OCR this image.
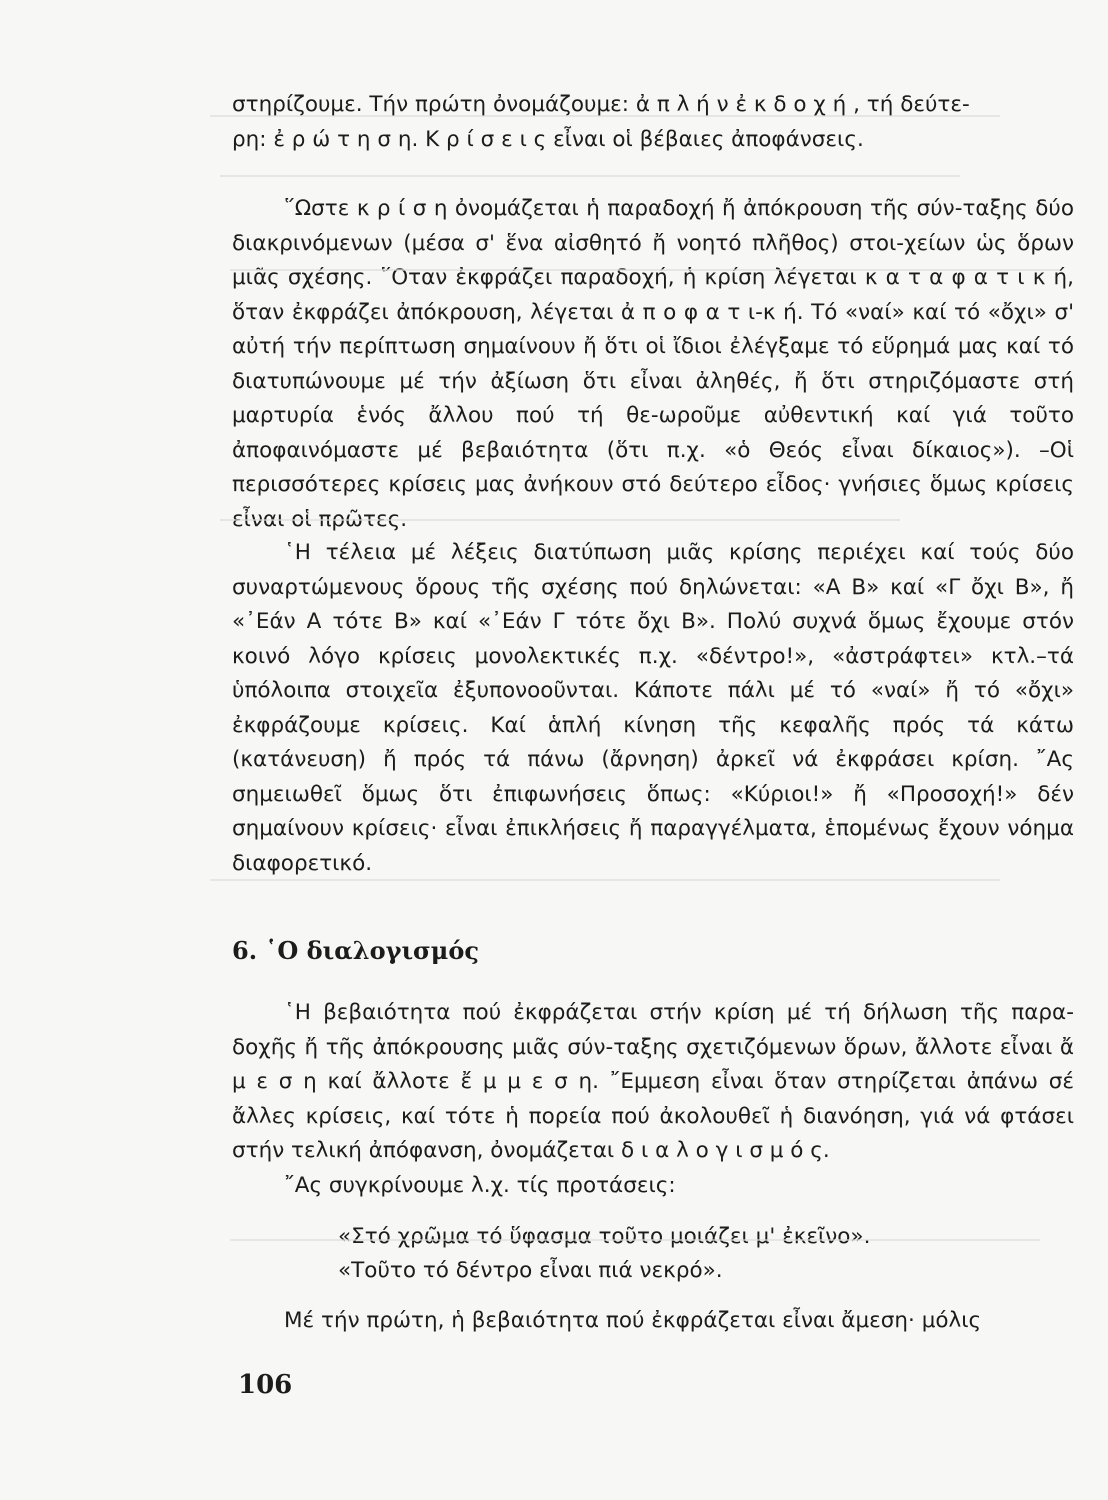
στηρίζουμε. Τήν πρώτη ὀνομάζουμε: ἀ π λ ή ν ἐ κ δ ο χ ή , τή δεύτε-
ρη: ἐ ρ ώ τ η σ η. Κ ρ ί σ ε ι ς εἶναι οἱ βέβαιες ἀποφάνσεις.

῞Ωστε κ ρ ί σ η ὀνομάζεται ἡ παραδοχή ἤ ἀπόκρουση τῆς σύν-ταξης δύο διακρινόμενων (μέσα σ' ἕνα αἰσθητό ἤ νοητό πλῆθος) στοι-χείων ὡς ὅρων μιᾶς σχέσης. ῞Οταν ἐκφράζει παραδοχή, ἡ κρίση λέγεται κ α τ α φ α τ ι κ ή, ὅταν ἐκφράζει ἀπόκρουση, λέγεται ἀ π ο φ α τ ι-κ ή. Τό «ναί» καί τό «ὄχι» σ' αὐτή τήν περίπτωση σημαίνουν ἤ ὅτι οἱ ἴδιοι ἐλέγξαμε τό εὕρημά μας καί τό διατυπώνουμε μέ τήν ἀξίωση ὅτι εἶναι ἀληθές, ἤ ὅτι στηριζόμαστε στή μαρτυρία ἑνός ἄλλου πού τή θε-ωροῦμε αὐθεντική καί γιά τοῦτο ἀποφαινόμαστε μέ βεβαιότητα (ὅτι π.χ. «ὁ Θεός εἶναι δίκαιος»). –Οἱ περισσότερες κρίσεις μας ἀνήκουν στό δεύτερο εἶδος· γνήσιες ὅμως κρίσεις εἶναι οἱ πρῶτες.

῾Η τέλεια μέ λέξεις διατύπωση μιᾶς κρίσης περιέχει καί τούς δύο συναρτώμενους ὅρους τῆς σχέσης πού δηλώνεται: «Α Β» καί «Γ ὄχι Β», ἤ «᾿Εάν Α τότε Β» καί «᾿Εάν Γ τότε ὄχι Β». Πολύ συχνά ὅμως ἔχουμε στόν κοινό λόγο κρίσεις μονολεκτικές π.χ. «δέντρο!», «ἀστράφτει» κτλ.–τά ὑπόλοιπα στοιχεῖα ἐξυπονοοῦνται. Κάποτε πάλι μέ τό «ναί» ἤ τό «ὄχι» ἐκφράζουμε κρίσεις. Καί ἁπλή κίνηση τῆς κεφαλῆς πρός τά κάτω (κατάνευση) ἤ πρός τά πάνω (ἄρνηση) ἀρκεῖ νά ἐκφράσει κρίση. ῎Ας σημειωθεῖ ὅμως ὅτι ἐπιφωνήσεις ὅπως: «Κύριοι!» ἤ «Προσοχή!» δέν σημαίνουν κρίσεις· εἶναι ἐπικλήσεις ἤ παραγγέλματα, ἑπομένως ἔχουν νόημα διαφορετικό.

6. ῾Ο διαλογισμός

῾Η βεβαιότητα πού ἐκφράζεται στήν κρίση μέ τή δήλωση τῆς παρα-δοχῆς ἤ τῆς ἀπόκρουσης μιᾶς σύν-ταξης σχετιζόμενων ὅρων, ἄλλοτε εἶναι ἄ μ ε σ η καί ἄλλοτε ἔ μ μ ε σ η. ῎Εμμεση εἶναι ὅταν στηρίζεται ἀπάνω σέ ἄλλες κρίσεις, καί τότε ἡ πορεία πού ἀκολουθεῖ ἡ διανόηση, γιά νά φτάσει στήν τελική ἀπόφανση, ὀνομάζεται δ ι α λ ο γ ι σ μ ό ς.

῎Ας συγκρίνουμε λ.χ. τίς προτάσεις:

«Στό χρῶμα τό ὕφασμα τοῦτο μοιάζει μ' ἐκεῖνο».

«Τοῦτο τό δέντρο εἶναι πιά νεκρό».

Μέ τήν πρώτη, ἡ βεβαιότητα πού ἐκφράζεται εἶναι ἄμεση· μόλις

106
